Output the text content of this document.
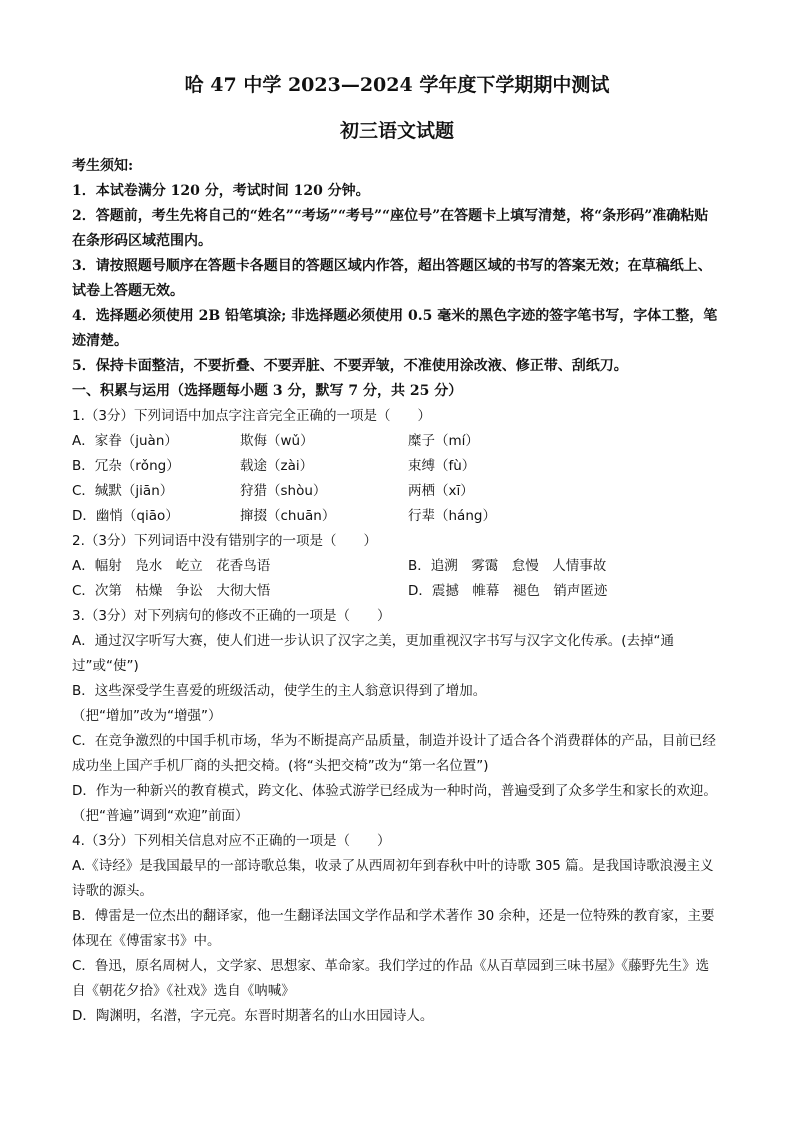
哈 47 中学 2023—2024 学年度下学期期中测试
初三语文试题
考生须知:
1．本试卷满分 120 分，考试时间 120 分钟。
2．答题前，考生先将自己的“姓名”“考场”“考号”“座位号”在答题卡上填写清楚，将“条形码”准确粘贴在条形码区域范围内。
3．请按照题号顺序在答题卡各题目的答题区域内作答，超出答题区域的书写的答案无效；在草稿纸上、试卷上答题无效。
4．选择题必须使用 2B 铅笔填涂; 非选择题必须使用 0.5 毫米的黑色字迹的签字笔书写，字体工整，笔迹清楚。
5．保持卡面整洁，不要折叠、不要弄脏、不要弄皱，不准使用涂改液、修正带、刮纸刀。
一、积累与运用（选择题每小题 3 分，默写 7 分，共 25 分）
1.（3分）下列词语中加点字注音完全正确的一项是（　　）
A．家眷（juàn）	欺侮（wǔ）	糜子（mí）
B．冗杂（rǒng）	载途（zài）	束缚（fù）
C．缄默（jiān）	狩猎（shòu）	两栖（xī）
D．幽悄（qiāo）	撺掇（chuān）	行辈（háng）
2.（3分）下列词语中没有错别字的一项是（　　）
A．幅射　凫水　屹立　花香鸟语	B．追溯　雾霭　怠慢　人情事故
C．次第　枯燥　争讼　大彻大悟	D．震撼　帷幕　褪色　销声匿迹
3.（3分）对下列病句的修改不正确的一项是（　　）
A．通过汉字听写大赛，使人们进一步认识了汉字之美，更加重视汉字书写与汉字文化传承。(去掉“通过”或“使”)
B．这些深受学生喜爱的班级活动，使学生的主人翁意识得到了增加。
（把“增加”改为“增强”）
C．在竞争激烈的中国手机市场，华为不断提高产品质量，制造并设计了适合各个消费群体的产品，目前已经成功坐上国产手机厂商的头把交椅。(将“头把交椅”改为“第一名位置”)
D．作为一种新兴的教育模式，跨文化、体验式游学已经成为一种时尚，普遍受到了众多学生和家长的欢迎。
（把“普遍”调到“欢迎”前面）
4.（3分）下列相关信息对应不正确的一项是（　　）
A.《诗经》是我国最早的一部诗歌总集，收录了从西周初年到春秋中叶的诗歌 305 篇。是我国诗歌浪漫主义诗歌的源头。
B．傅雷是一位杰出的翻译家，他一生翻译法国文学作品和学术著作 30 余种，还是一位特殊的教育家，主要体现在《傅雷家书》中。
C．鲁迅，原名周树人，文学家、思想家、革命家。我们学过的作品《从百草园到三味书屋》《藤野先生》选自《朝花夕拾》《社戏》选自《呐喊》
D．陶渊明，名潜，字元亮。东晋时期著名的山水田园诗人。
